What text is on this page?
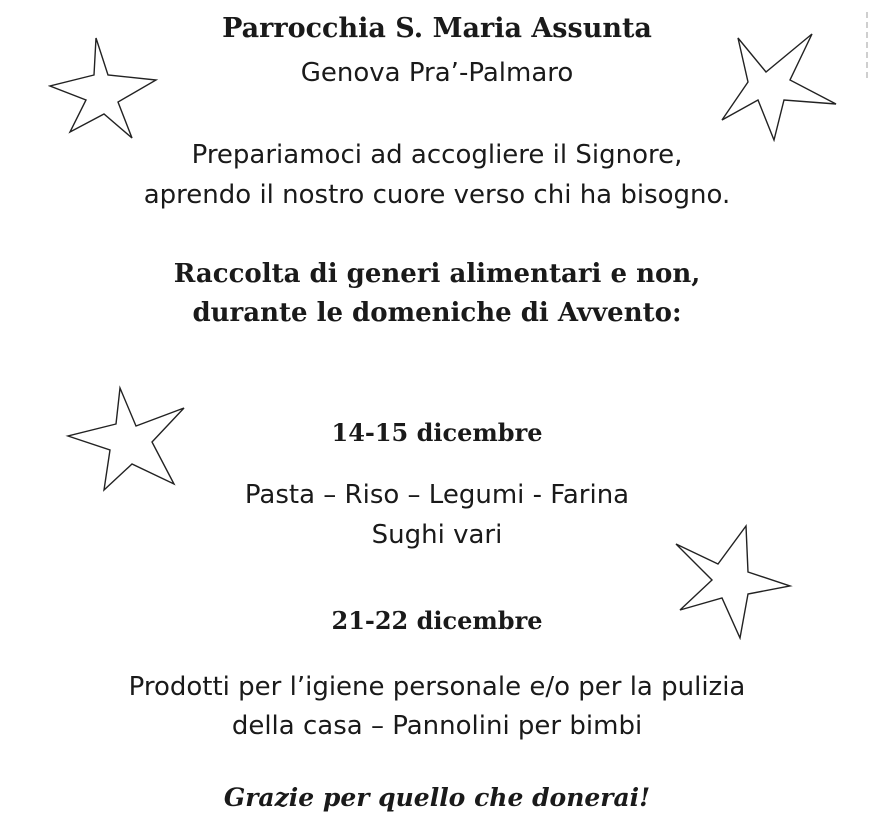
Parrocchia S. Maria Assunta
Genova Pra’-Palmaro
Prepariamoci ad accogliere il Signore,
aprendo il nostro cuore verso chi ha bisogno.
Raccolta di generi alimentari e non,
durante le domeniche di Avvento:
14-15 dicembre
Pasta – Riso – Legumi - Farina
Sughi vari
21-22 dicembre
Prodotti per l’igiene personale e/o per la pulizia
della casa – Pannolini per bimbi
Grazie per quello che donerai!
